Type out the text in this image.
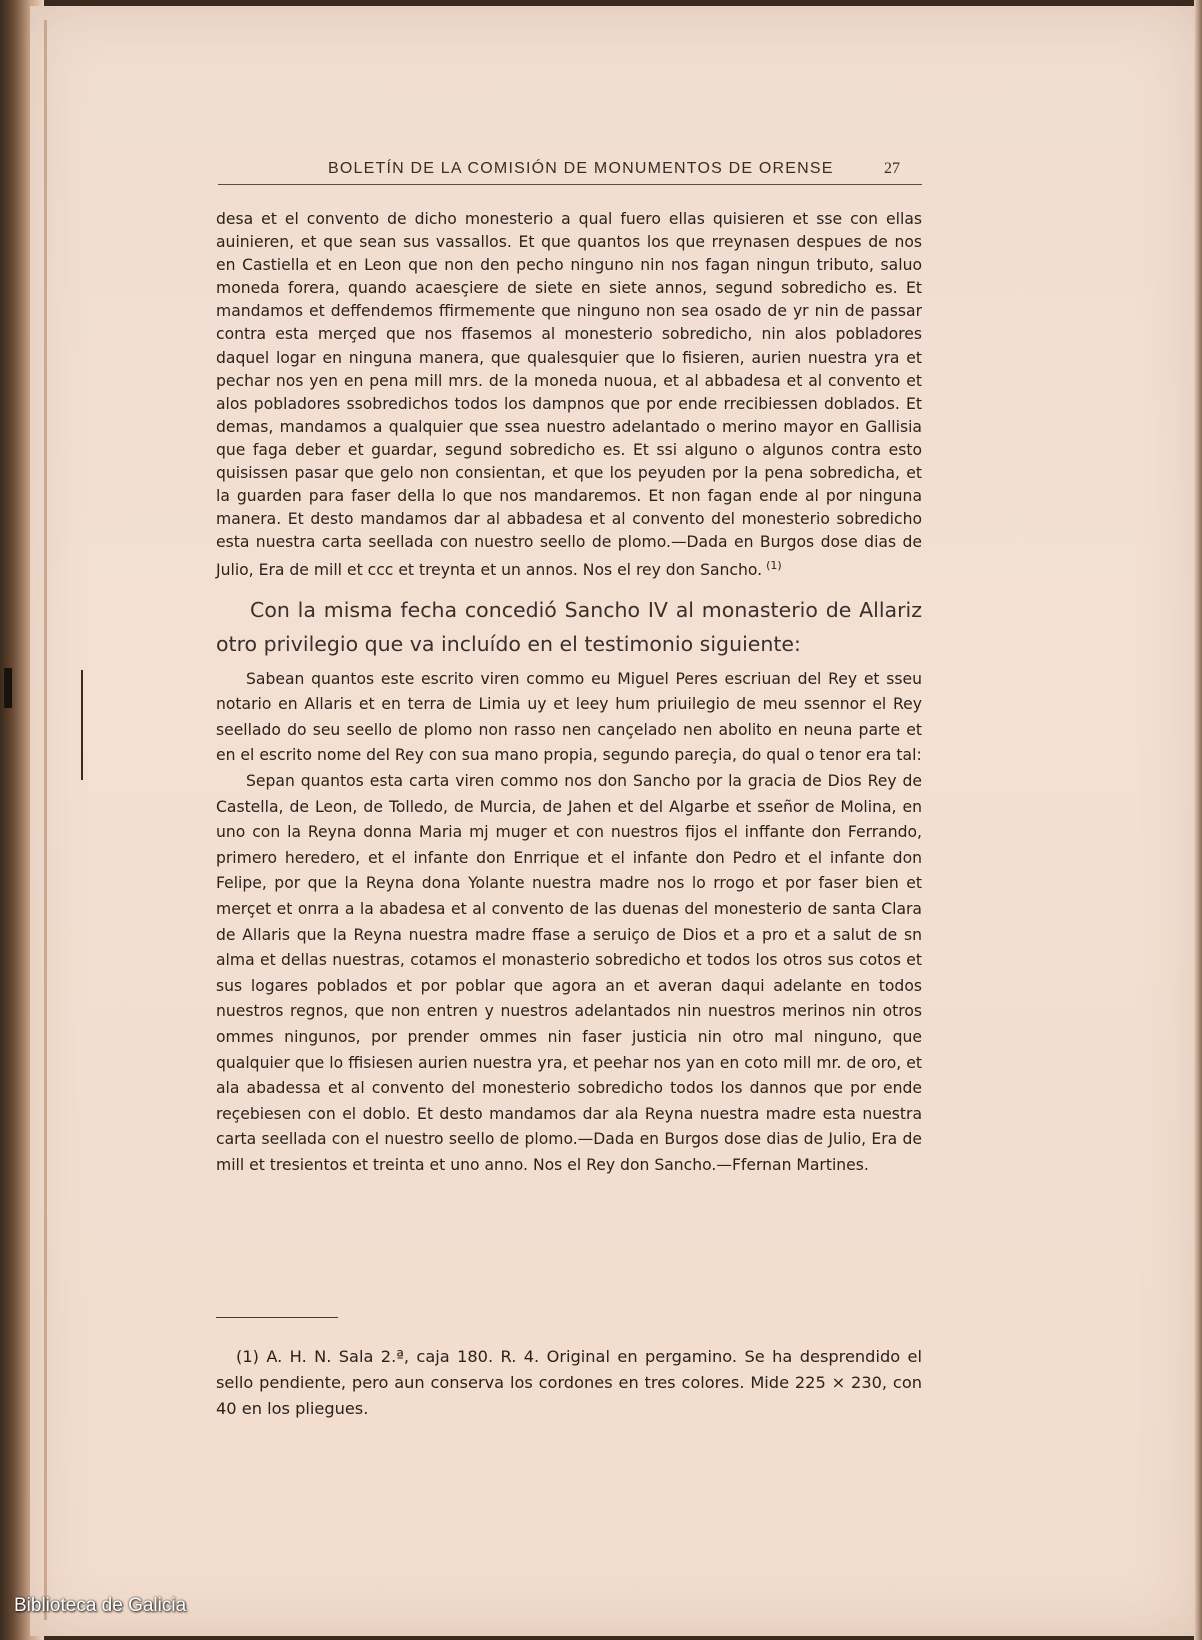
BOLETÍN DE LA COMISIÓN DE MONUMENTOS DE ORENSE	27

desa et el convento de dicho monesterio a qual fuero ellas quisieren et sse con ellas auinieren, et que sean sus vassallos. Et que quantos los que rreynasen despues de nos en Castiella et en Leon que non den pecho ninguno nin nos fagan ningun tributo, saluo moneda forera, quando acaesçiere de siete en siete annos, segund sobredicho es. Et mandamos et deffendemos ffirmemente que ninguno non sea osado de yr nin de passar contra esta merçed que nos ffasemos al monesterio sobredicho, nin alos pobladores daquel logar en ninguna manera, que qualesquier que lo fisieren, aurien nuestra yra et pechar nos yen en pena mill mrs. de la moneda nuoua, et al abbadesa et al convento et alos pobladores ssobredichos todos los dampnos que por ende rrecibiessen doblados. Et demas, mandamos a qualquier que ssea nuestro adelantado o merino mayor en Gallisia que faga deber et guardar, segund sobredicho es. Et ssi alguno o algunos contra esto quisissen pasar que gelo non consientan, et que los peyuden por la pena sobredicha, et la guarden para faser della lo que nos mandaremos. Et non fagan ende al por ninguna manera. Et desto mandamos dar al abbadesa et al convento del monesterio sobredicho esta nuestra carta seellada con nuestro seello de plomo.—Dada en Burgos dose dias de Julio, Era de mill et ccc et treynta et un annos. Nos el rey don Sancho. $^{(1)}$

Con la misma fecha concedió Sancho IV al monasterio de Allariz otro privilegio que va incluído en el testimonio siguiente:

Sabean quantos este escrito viren commo eu Miguel Peres escriuan del Rey et sseu notario en Allaris et en terra de Limia uy et leey hum priuilegio de meu ssennor el Rey seellado do seu seello de plomo non rasso nen cançelado nen abolito en neuna parte et en el escrito nome del Rey con sua mano propia, segundo pareçia, do qual o tenor era tal:

Sepan quantos esta carta viren commo nos don Sancho por la gracia de Dios Rey de Castella, de Leon, de Tolledo, de Murcia, de Jahen et del Algarbe et sseñor de Molina, en uno con la Reyna donna Maria mj muger et con nuestros fijos el inffante don Ferrando, primero heredero, et el infante don Enrrique et el infante don Pedro et el infante don Felipe, por que la Reyna dona Yolante nuestra madre nos lo rrogo et por faser bien et merçet et onrra a la abadesa et al convento de las duenas del monesterio de santa Clara de Allaris que la Reyna nuestra madre ffase a seruiço de Dios et a pro et a salut de sn alma et dellas nuestras, cotamos el monasterio sobredicho et todos los otros sus cotos et sus logares poblados et por poblar que agora an et averan daqui adelante en todos nuestros regnos, que non entren y nuestros adelantados nin nuestros merinos nin otros ommes ningunos, por prender ommes nin faser justicia nin otro mal ninguno, que qualquier que lo ffisiesen aurien nuestra yra, et peehar nos yan en coto mill mr. de oro, et ala abadessa et al convento del monesterio sobredicho todos los dannos que por ende reçebiesen con el doblo. Et desto mandamos dar ala Reyna nuestra madre esta nuestra carta seellada con el nuestro seello de plomo.—Dada en Burgos dose dias de Julio, Era de mill et tresientos et treinta et uno anno. Nos el Rey don Sancho.—Ffernan Martines.

(1) A. H. N. Sala 2.ª, caja 180. R. 4. Original en pergamino. Se ha desprendido el sello pendiente, pero aun conserva los cordones en tres colores. Mide 225 × 230, con 40 en los pliegues.

Biblioteca de Galicia
